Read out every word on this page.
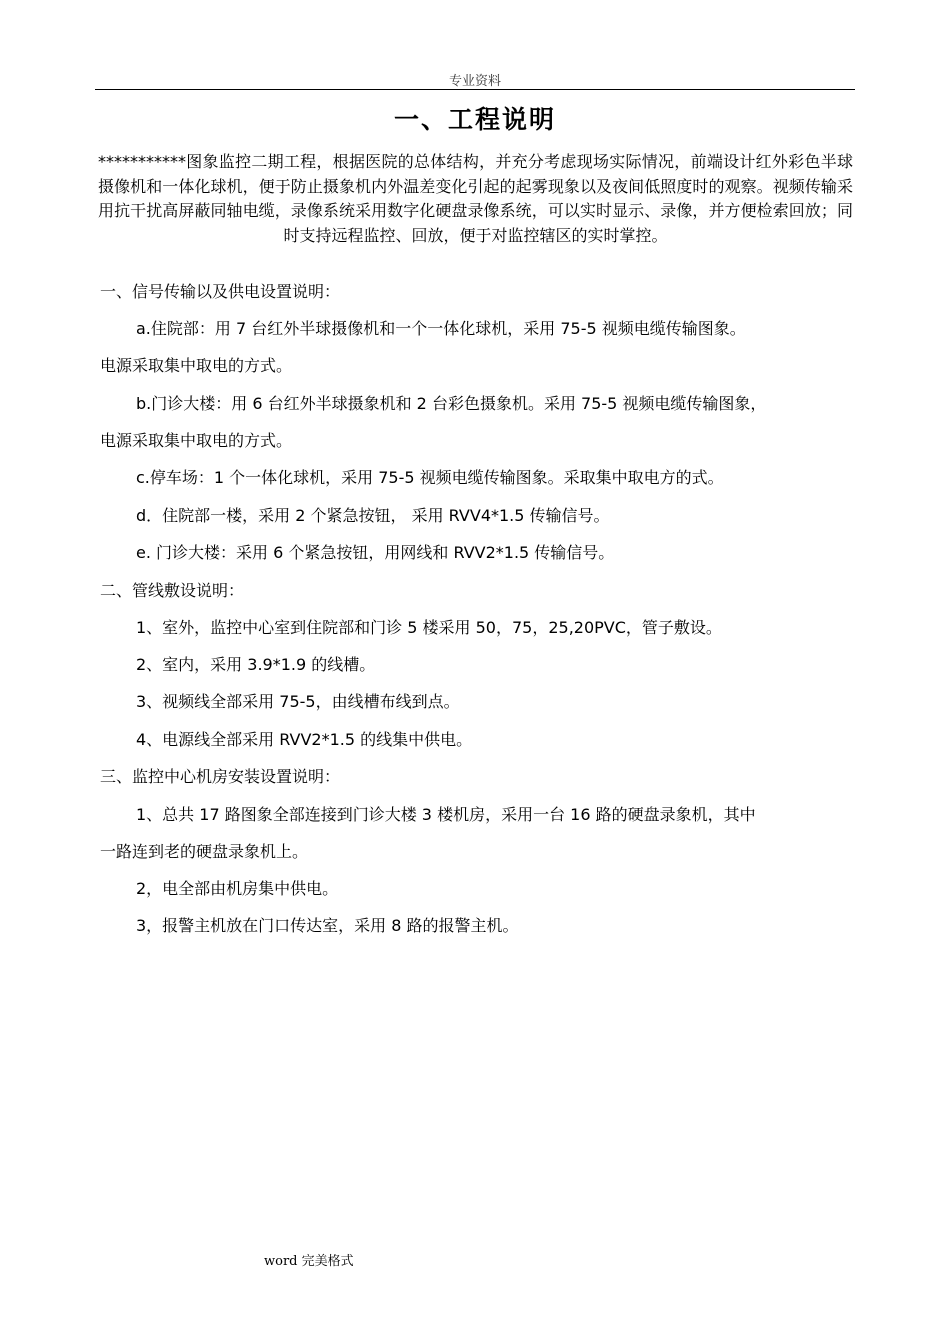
专业资料
一、工程说明
***********图象监控二期工程，根据医院的总体结构，并充分考虑现场实际情况，前端设计红外彩色半球摄像机和一体化球机，便于防止摄象机内外温差变化引起的起雾现象以及夜间低照度时的观察。视频传输采用抗干扰高屏蔽同轴电缆，录像系统采用数字化硬盘录像系统，可以实时显示、录像，并方便检索回放；同时支持远程监控、回放，便于对监控辖区的实时掌控。
一、信号传输以及供电设置说明：
a.住院部：用 7 台红外半球摄像机和一个一体化球机，采用 75-5 视频电缆传输图象。
电源采取集中取电的方式。
b.门诊大楼：用 6 台红外半球摄象机和 2 台彩色摄象机。采用 75-5 视频电缆传输图象，
电源采取集中取电的方式。
c.停车场：1 个一体化球机，采用 75-5 视频电缆传输图象。采取集中取电方的式。
d．住院部一楼，采用 2 个紧急按钮， 采用 RVV4*1.5 传输信号。
e. 门诊大楼：采用 6 个紧急按钮，用网线和 RVV2*1.5 传输信号。
二、管线敷设说明：
1、室外，监控中心室到住院部和门诊 5 楼采用 50，75，25,20PVC，管子敷设。
2、室内，采用 3.9*1.9 的线槽。
3、视频线全部采用 75-5，由线槽布线到点。
4、电源线全部采用 RVV2*1.5 的线集中供电。
三、监控中心机房安装设置说明：
1、总共 17 路图象全部连接到门诊大楼 3 楼机房，采用一台 16 路的硬盘录象机，其中
一路连到老的硬盘录象机上。
2，电全部由机房集中供电。
3，报警主机放在门口传达室，采用 8 路的报警主机。
word 完美格式
